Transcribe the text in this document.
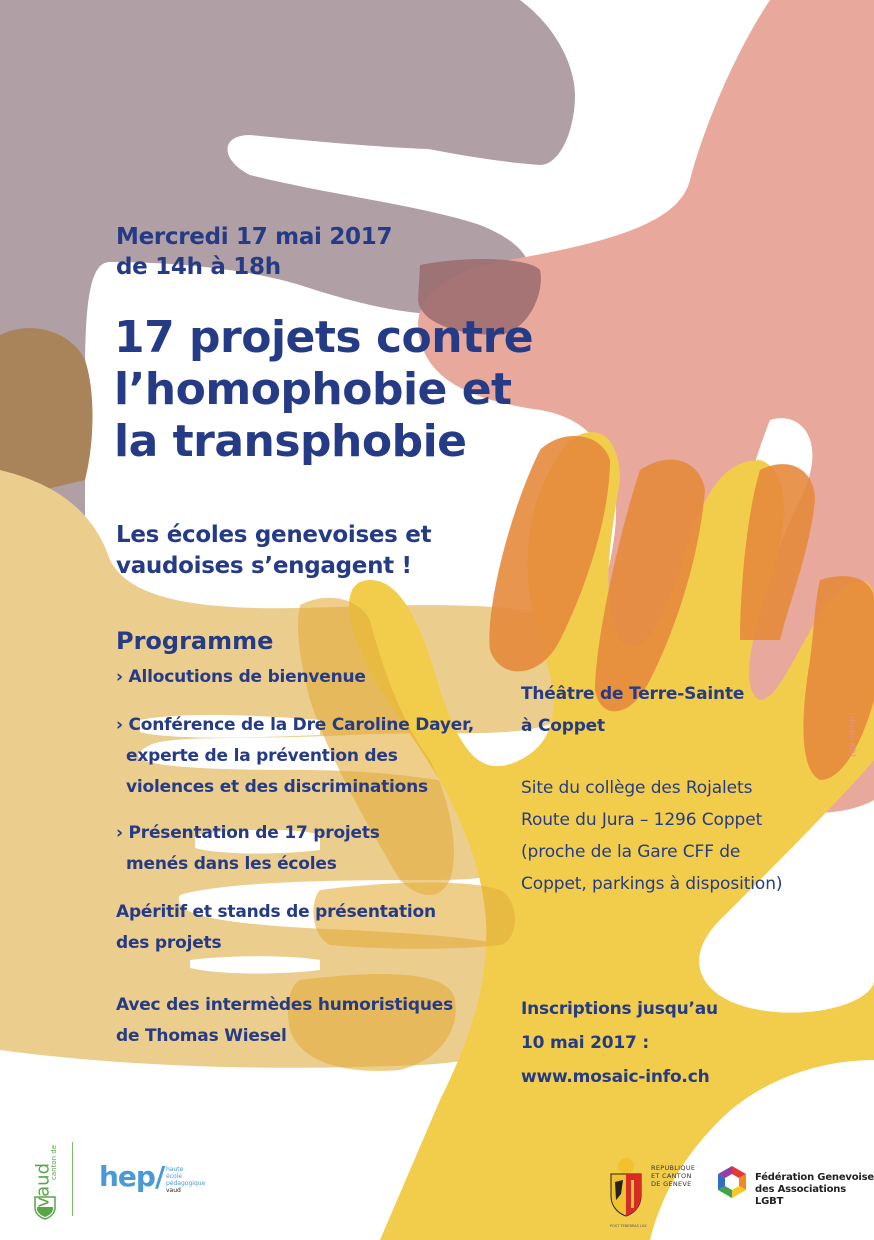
Mercredi 17 mai 2017
de 14h à 18h
17 projets contre
l’homophobie et
la transphobie
Les écoles genevoises et
vaudoises s’engagent !
Programme
› Allocutions de bienvenue
› Conférence de la Dre Caroline Dayer,
experte de la prévention des
violences et des discriminations
› Présentation de 17 projets
menés dans les écoles
Apéritif et stands de présentation
des projets
Avec des intermèdes humoristiques
de Thomas Wiesel
Théâtre de Terre-Sainte
à Coppet
Site du collège des Rojalets
Route du Jura – 1296 Coppet
(proche de la Gare CFF de
Coppet, parkings à disposition)
Inscriptions jusqu’au
10 mai 2017 :
www.mosaic-info.ch
[studio KO]
canton de
vaud hep/ haute
école
pédagogique
vaud
REPUBLIQUE
ET CANTON
DE GENEVE
POST TENEBRAS LUX
Fédération Genevoise
des Associations LGBT
